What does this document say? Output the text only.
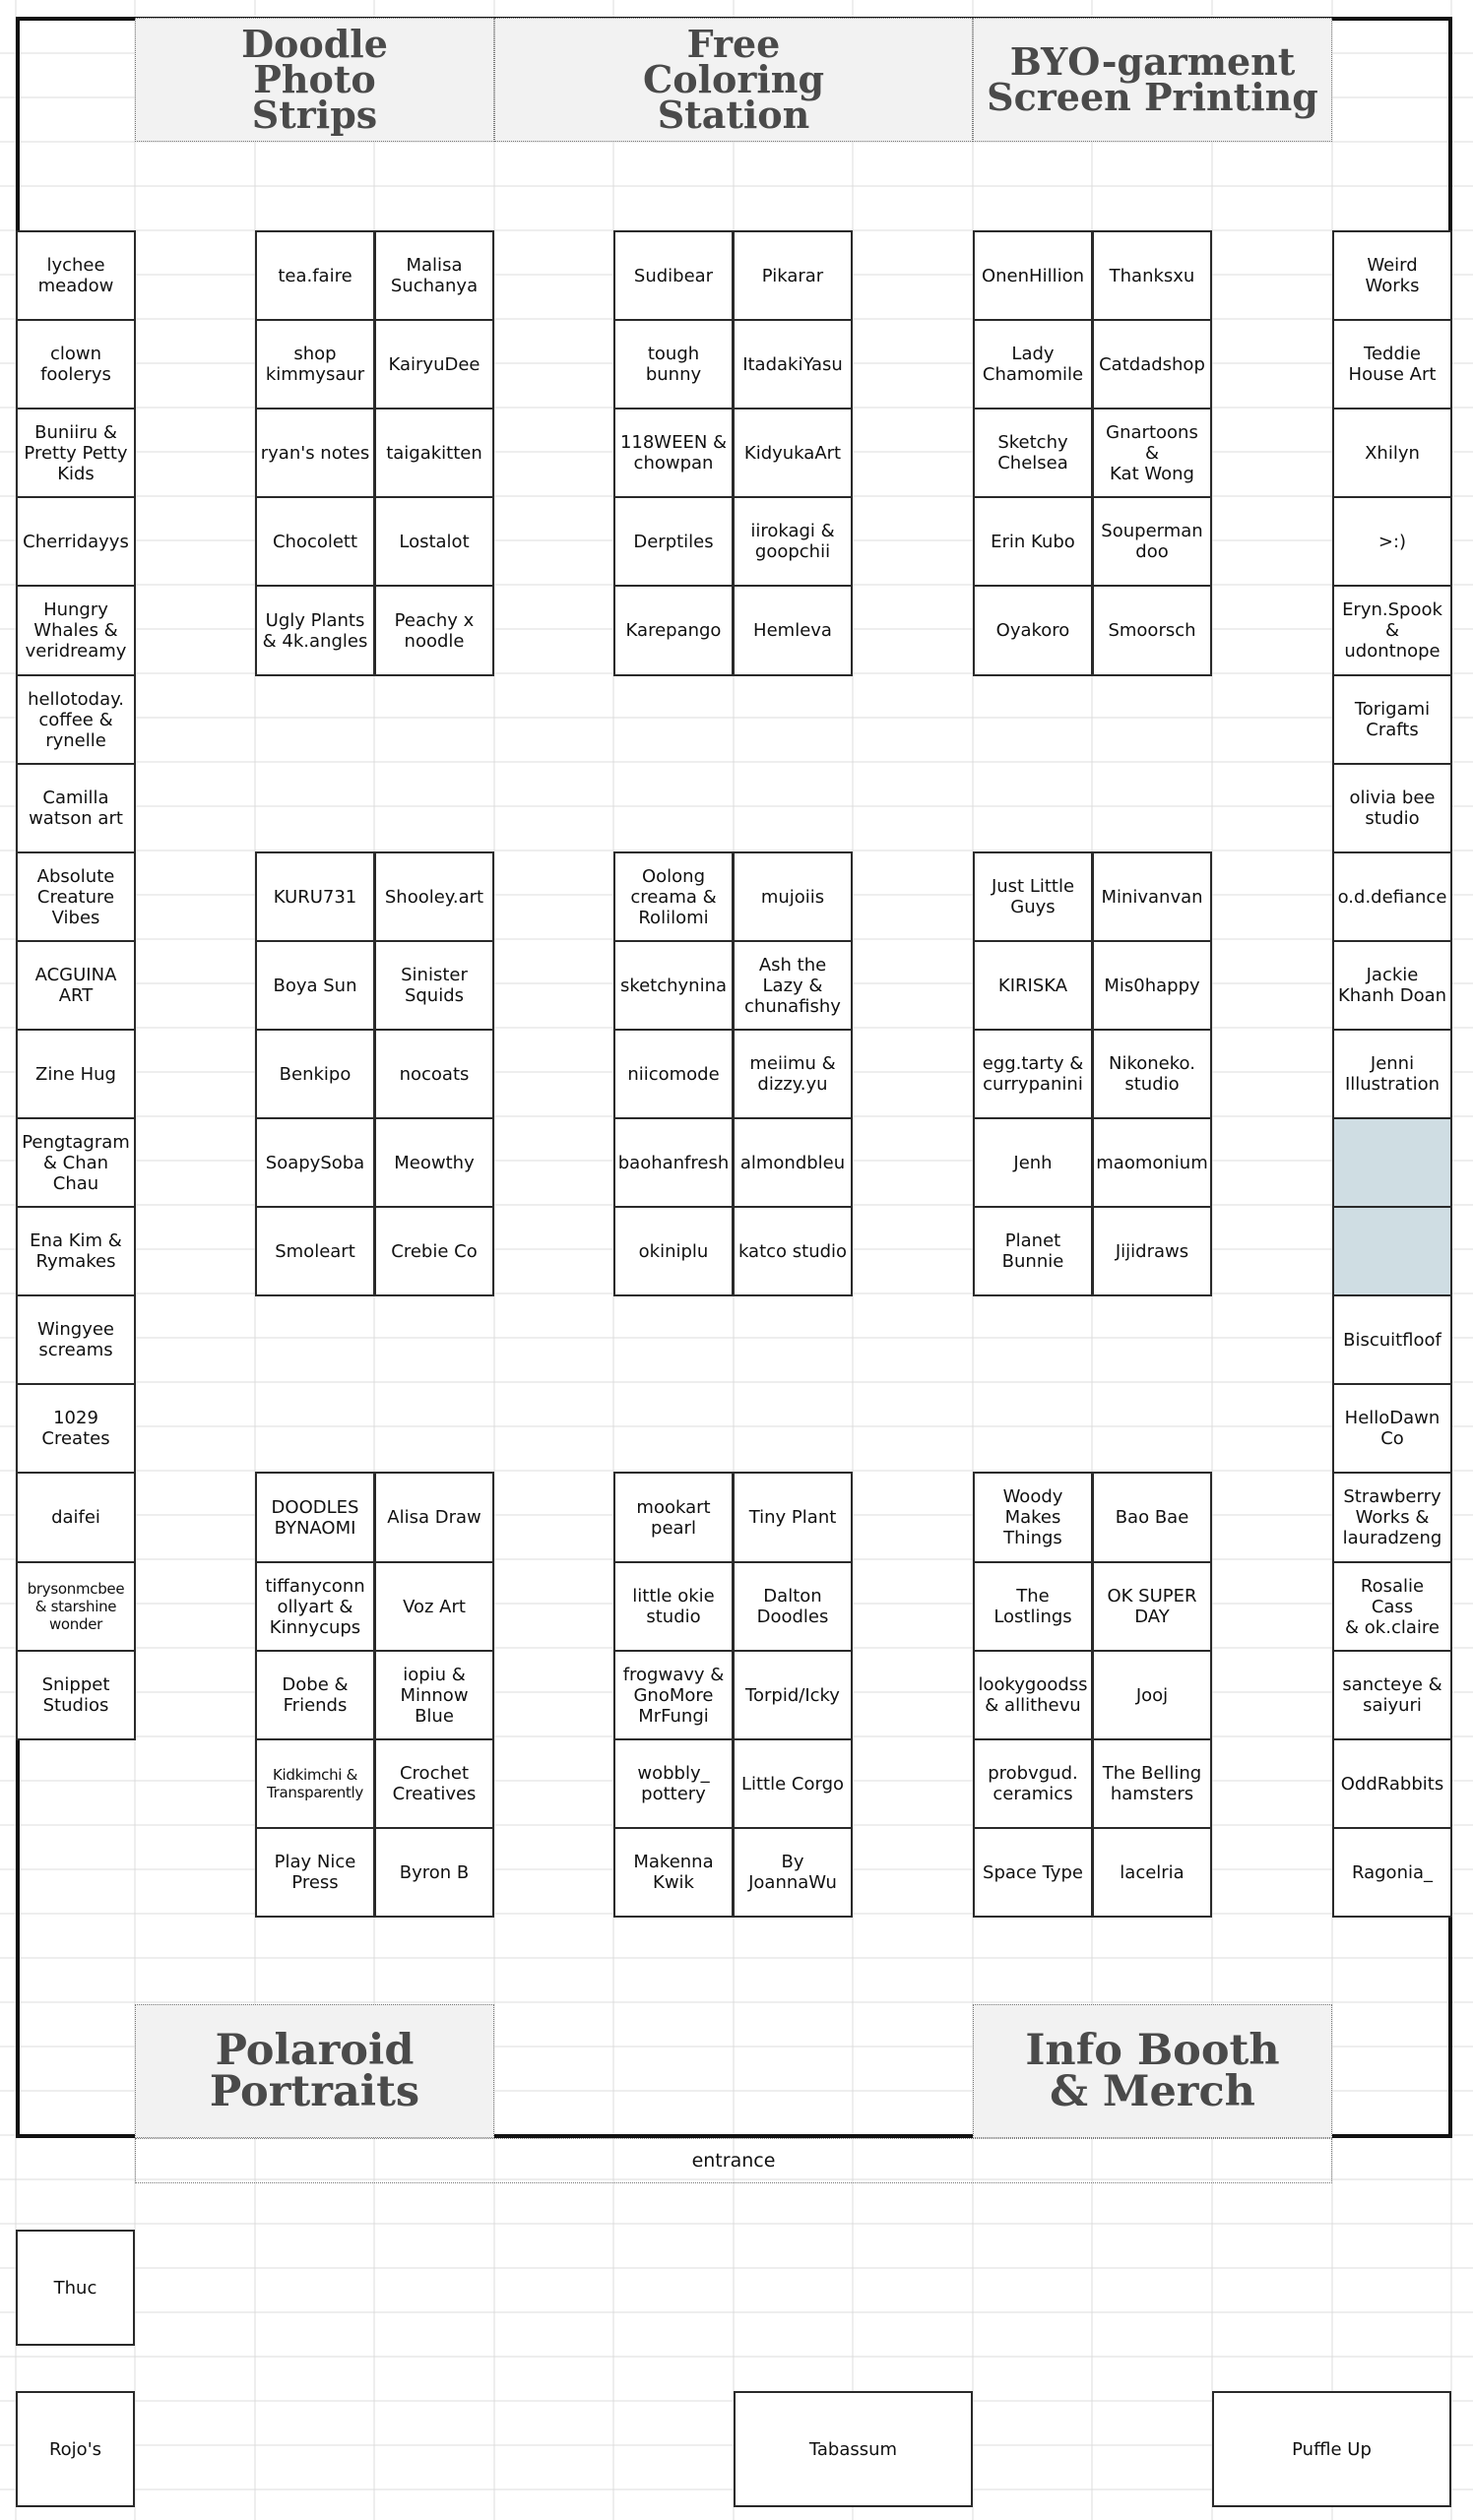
Doodle
Photo
Strips
Free
Coloring
Station
BYO-garment
Screen Printing
Polaroid
Portraits
Info Booth
& Merch
entrance
lychee
meadow
clown
foolerys
Buniiru &
Pretty Petty
Kids
Cherridayys
Hungry
Whales &
veridreamy
hellotoday.
coffee &
rynelle
Camilla
watson art
Absolute
Creature
Vibes
ACGUINA
ART
Zine Hug
Pengtagram
& Chan
Chau
Ena Kim &
Rymakes
Wingyee
screams
1029
Creates
daifei
brysonmcbee
& starshine
wonder
Snippet
Studios
Weird
Works
Teddie
House Art
Xhilyn
>:)
Eryn.Spook
&
udontnope
Torigami
Crafts
olivia bee
studio
o.d.defiance
Jackie
Khanh Doan
Jenni
Illustration
Biscuitfloof
HelloDawn
Co
Strawberry
Works &
lauradzeng
Rosalie Cass
& ok.claire
sancteye &
saiyuri
OddRabbits
Ragonia_
tea.faire	Malisa
Suchanya
shop
kimmysaur	KairyuDee
ryan's notes taigakitten
Chocolett	Lostalot
Ugly Plants
& 4k.angles
Peachy x
noodle
KURU731	Shooley.art
Boya Sun	Sinister
Squids
Benkipo	nocoats
SoapySoba	Meowthy
Smoleart	Crebie Co
DOODLES
BYNAOMI	Alisa Draw
tiffanyconn
ollyart &
Kinnycups
Voz Art
Dobe &
Friends
iopiu &
Minnow Blue
Kidkimchi &
Transparently
Crochet
Creatives
Play Nice
Press	Byron B
Sudibear	Pikarar
tough bunny	ItadakiYasu
118WEEN &
chowpan	KidyukaArt
Derptiles	iirokagi &
goopchii
Karepango	Hemleva
Oolong
creama &
Rolilomi
mujoiis
sketchynina
Ash the
Lazy &
chunafishy
niicomode	meiimu &
dizzy.yu
baohanfresh almondbleu
okiniplu	katco studio
mookart
pearl	Tiny Plant
little okie
studio
Dalton
Doodles
frogwavy &
GnoMore
MrFungi
Torpid/Icky
wobbly_
pottery	Little Corgo
Makenna
Kwik
By
JoannaWu
OnenHillion	Thanksxu
Lady
Chamomile Catdadshop
Sketchy
Chelsea
Gnartoons &
Kat Wong
Erin Kubo	Souperman
doo
Oyakoro	Smoorsch
Just Little
Guys	Minivanvan
KIRISKA	Mis0happy
egg.tarty &
currypanini
Nikoneko.
studio
Jenh	maomonium
Planet
Bunnie	Jijidraws
Woody
Makes
Things
Bao Bae
The
Lostlings
OK SUPER
DAY
lookygoodss
& allithevu	Jooj
probvgud.
ceramics
The Belling
hamsters
Space Type	lacelria
Thuc
Rojo's	Tabassum	Puffle Up
